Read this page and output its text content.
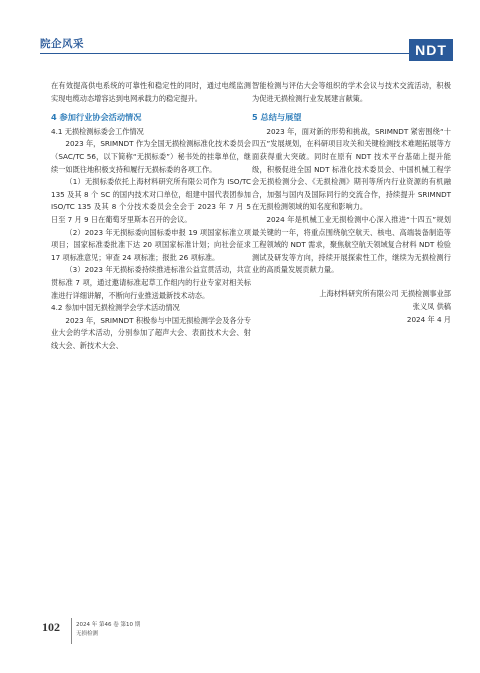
院企风采	NDT

在有效提高供电系统的可靠性和稳定性的同时，通过电缆监测实现电缆动态增容达到电网承载力的稳定提升。

4 参加行业协会活动情况

4.1 无损检测标委会工作情况

2023 年，SRIMNDT 作为全国无损检测标准化技术委员会（SAC/TC 56，以下简称“无损标委”）秘书处的挂靠单位，继续一如既往地积极支持和履行无损标委的各项工作。

（1）无损标委依托上海材料研究所有限公司作为 ISO/TC 135 及其 8 个 SC 的国内技术对口单位，组建中国代表团参加 ISO/TC 135 及其 8 个分技术委员会全会于 2023 年 7 月 5 日至 7 月 9 日在葡萄牙里斯本召开的会议。

（2）2023 年无损标委向国标委申报 19 项国家标准立项项目；国家标准委批准下达 20 项国家标准计划；向社会征求 17 项标准意见；审查 24 项标准；报批 26 项标准。

（3）2023 年无损标委持续推进标准公益宣贯活动，共宣贯标准 7 项，通过邀请标准起草工作组内的行业专家对相关标准进行详细讲解，不断向行业推送最新技术动态。

4.2 参加中国无损检测学会学术活动情况

2023 年，SRIMNDT 积极参与中国无损检测学会及各分专业大会的学术活动，分别参加了超声大会、表面技术大会、射线大会、新技术大会、

智能检测与评估大会等组织的学术会议与技术交流活动，积极为促进无损检测行业发展建言献策。

5 总结与展望

2023 年，面对新的形势和挑战，SRIMNDT 紧密围绕“十四五”发展规划，在科研项目攻关和关键检测技术难题拓展等方面获得重大突破。同时在原有 NDT 技术平台基础上提升能级，积极促进全国 NDT 标准化技术委员会、中国机械工程学会无损检测分会、《无损检测》期刊等所内行业资源的有机融合，加强与国内及国际同行的交流合作，持续提升 SRIMNDT 在无损检测领域的知名度和影响力。

2024 年是机械工业无损检测中心深入推进“十四五”规划最关键的一年，将重点围绕航空航天、核电、高端装备制造等工程领域的 NDT 需求，聚焦航空航天领域复合材料 NDT 检验测试及研发等方向，持续开展探索性工作，继续为无损检测行业的高质量发展贡献力量。

上海材料研究所有限公司 无损检测事业部
张义凤 供稿
2024 年 4 月
102	2024 年 第46 卷 第10 期
无损检测
